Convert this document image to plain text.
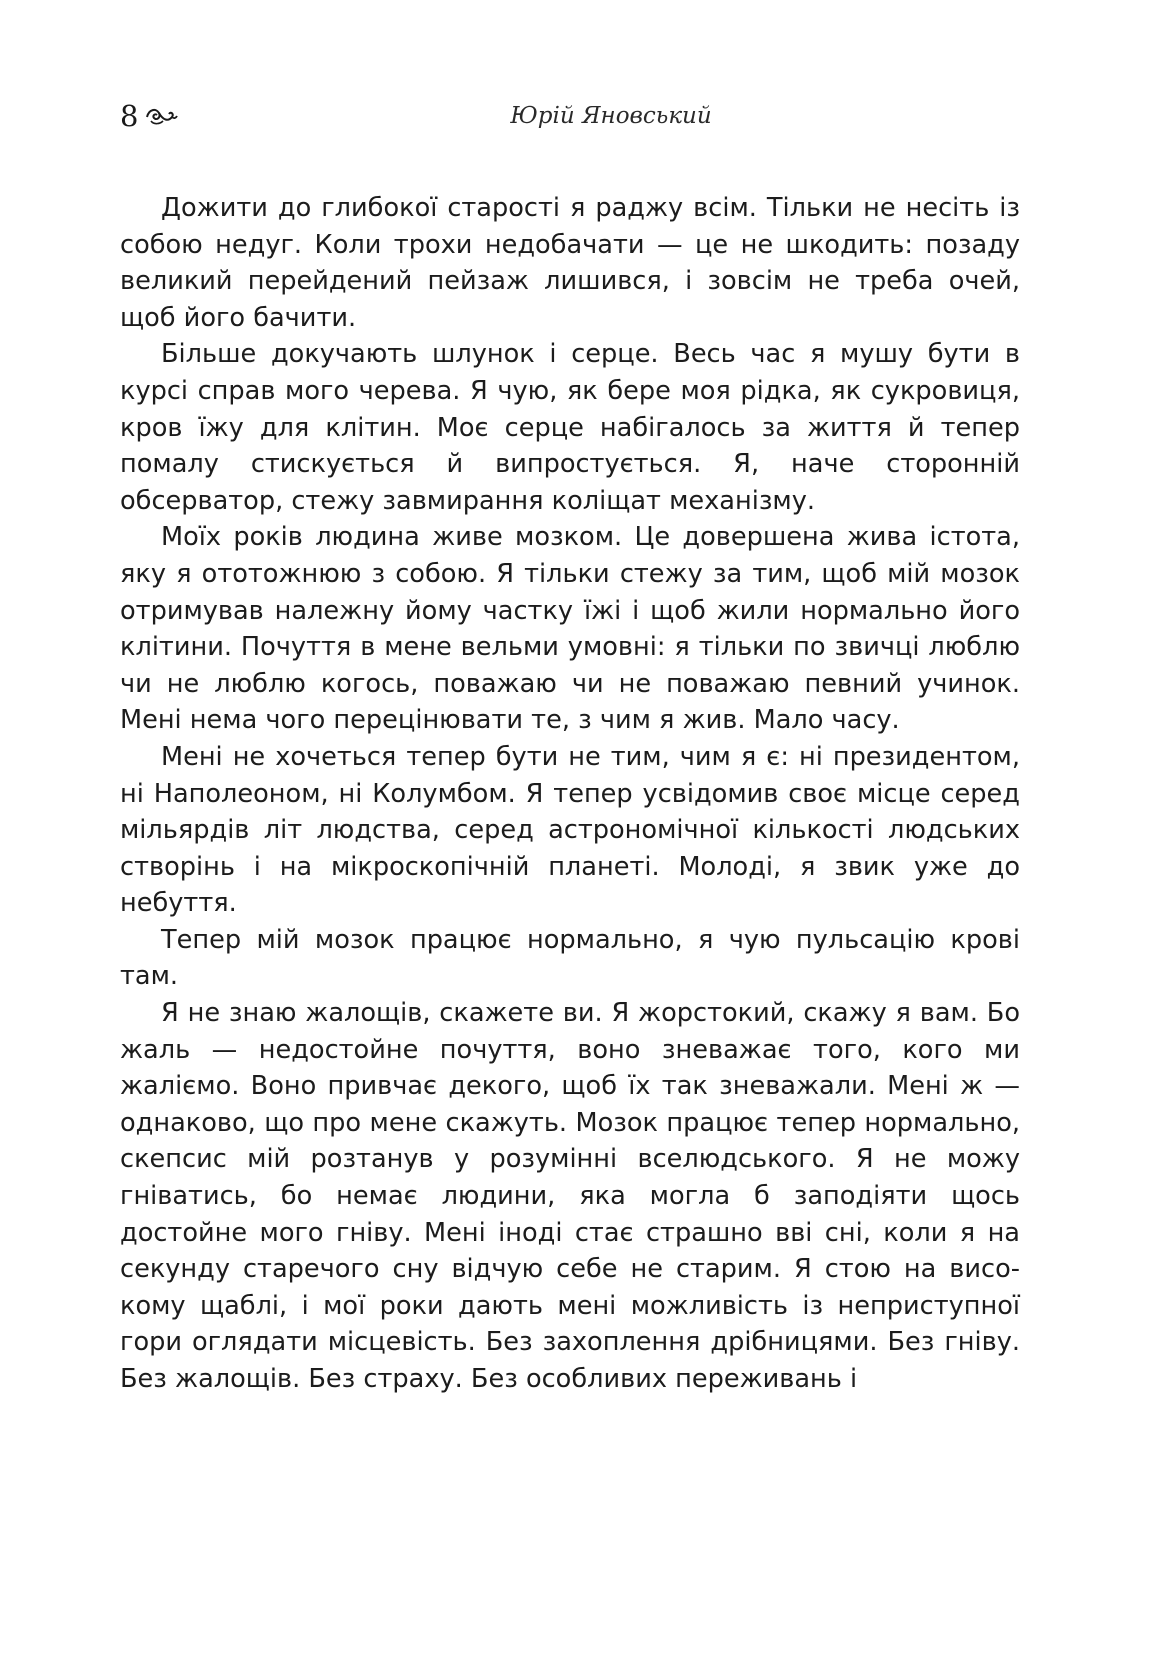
8	Юрій Яновський

Дожити до глибокої старості я раджу всім. Тільки не несіть із собою недуг. Коли трохи недобачати — це не шкодить: позаду великий перейдений пейзаж лишився, і зовсім не треба очей, щоб його бачити.

Більше докучають шлунок і серце. Весь час я мушу бути в курсі справ мого черева. Я чую, як бере моя рідка, як сукровиця, кров їжу для клітин. Моє серце набігалось за життя й тепер помалу стискується й випростується. Я, наче сторонній обсерватор, стежу завмирання коліщат механізму.

Моїх років людина живе мозком. Це довершена жива істота, яку я ототожнюю з собою. Я тільки стежу за тим, щоб мій мозок отримував належну йому частку їжі і щоб жили нормально його клітини. Почуття в мене вельми умовні: я тільки по звичці люблю чи не люблю когось, поважаю чи не поважаю певний учинок. Мені нема чого перецінювати те, з чим я жив. Мало часу.

Мені не хочеться тепер бути не тим, чим я є: ні президентом, ні Наполеоном, ні Колумбом. Я тепер усвідомив своє місце серед мільярдів літ людства, серед астрономічної кількості людських створінь і на мікроскопічній планеті. Молоді, я звик уже до небуття.

Тепер мій мозок працює нормально, я чую пульсацію крові там.

Я не знаю жалощів, скажете ви. Я жорстокий, скажу я вам. Бо жаль — недостойне почуття, воно зневажає того, кого ми жаліємо. Воно привчає декого, щоб їх так зневажали. Мені ж — однаково, що про мене скажуть. Мозок працює тепер нормально, скепсис мій розтанув у розумінні вселюдського. Я не можу гніватись, бо немає людини, яка могла б заподіяти щось достойне мого гніву. Мені іноді стає страшно вві сні, коли я на секунду старечого сну відчую себе не старим. Я стою на високому щаблі, і мої роки дають мені можливість із неприступної гори оглядати місцевість. Без захоплення дрібницями. Без гніву. Без жалощів. Без страху. Без особливих переживань і
